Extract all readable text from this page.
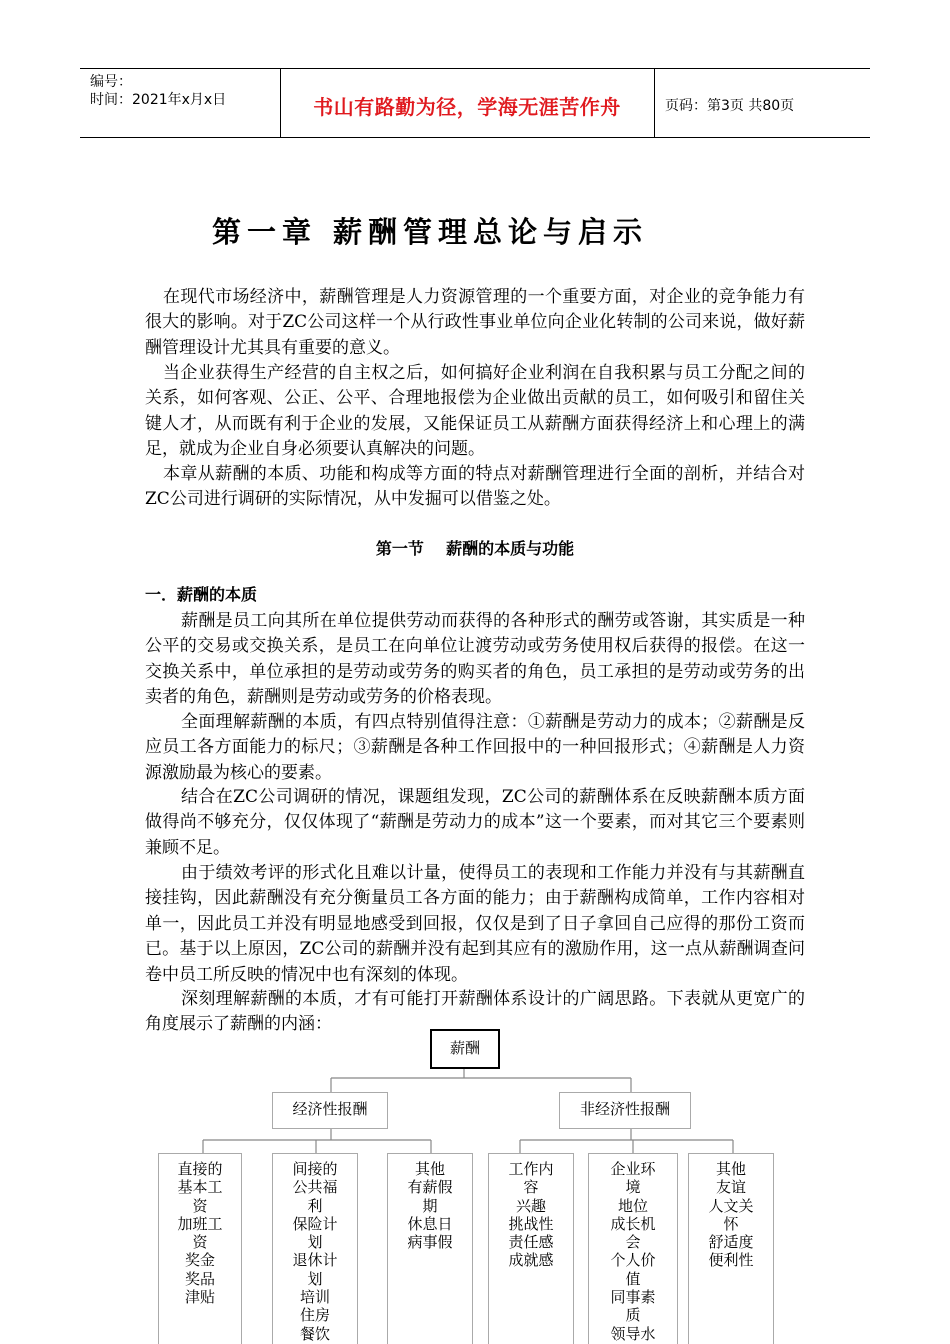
编号：
时间：2021年x月x日	书山有路勤为径，学海无涯苦作舟	页码：第3页 共80页
第一章 薪酬管理总论与启示

在现代市场经济中，薪酬管理是人力资源管理的一个重要方面，对企业的竞争能力有很大的影响。对于ZC公司这样一个从行政性事业单位向企业化转制的公司来说，做好薪酬管理设计尤其具有重要的意义。

当企业获得生产经营的自主权之后，如何搞好企业利润在自我积累与员工分配之间的关系，如何客观、公正、公平、合理地报偿为企业做出贡献的员工，如何吸引和留住关键人才，从而既有利于企业的发展，又能保证员工从薪酬方面获得经济上和心理上的满足，就成为企业自身必须要认真解决的问题。

本章从薪酬的本质、功能和构成等方面的特点对薪酬管理进行全面的剖析，并结合对ZC公司进行调研的实际情况，从中发掘可以借鉴之处。

第一节    薪酬的本质与功能
一．薪酬的本质

薪酬是员工向其所在单位提供劳动而获得的各种形式的酬劳或答谢，其实质是一种公平的交易或交换关系，是员工在向单位让渡劳动或劳务使用权后获得的报偿。在这一交换关系中，单位承担的是劳动或劳务的购买者的角色，员工承担的是劳动或劳务的出卖者的角色，薪酬则是劳动或劳务的价格表现。

全面理解薪酬的本质，有四点特别值得注意：①薪酬是劳动力的成本；②薪酬是反应员工各方面能力的标尺；③薪酬是各种工作回报中的一种回报形式；④薪酬是人力资源激励最为核心的要素。

结合在ZC公司调研的情况，课题组发现，ZC公司的薪酬体系在反映薪酬本质方面做得尚不够充分，仅仅体现了“薪酬是劳动力的成本”这一个要素，而对其它三个要素则兼顾不足。

由于绩效考评的形式化且难以计量，使得员工的表现和工作能力并没有与其薪酬直接挂钩，因此薪酬没有充分衡量员工各方面的能力；由于薪酬构成简单，工作内容相对单一，因此员工并没有明显地感受到回报，仅仅是到了日子拿回自己应得的那份工资而已。基于以上原因，ZC公司的薪酬并没有起到其应有的激励作用，这一点从薪酬调查问卷中员工所反映的情况中也有深刻的体现。

深刻理解薪酬的本质，才有可能打开薪酬体系设计的广阔思路。下表就从更宽广的角度展示了薪酬的内涵：

薪酬
经济性报酬	非经济性报酬
直接的
基本工
资
加班工
资
奖金
奖品
津贴
间接的
公共福
利
保险计
划
退休计
划
培训
住房
餐饮
其他
有薪假
期
休息日
病事假
工作内
容
兴趣
挑战性
责任感
成就感
企业环
境
地位
成长机
会
个人价
值
同事素
质
领导水
其他
友谊
人文关
怀
舒适度
便利性
